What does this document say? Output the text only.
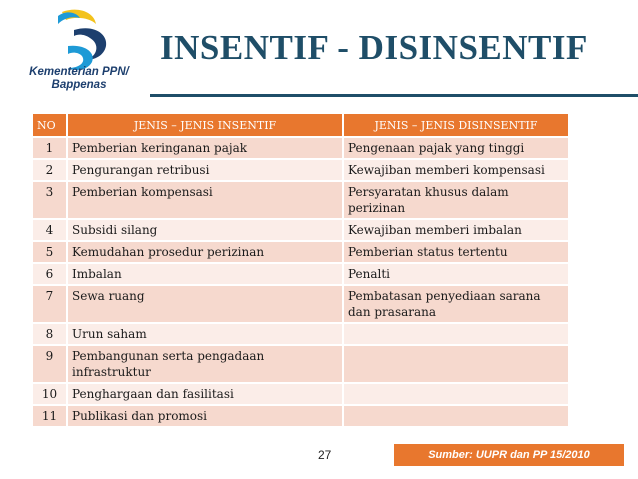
Kementerian PPN/
Bappenas
INSENTIF - DISINSENTIF
NO	JENIS – JENIS INSENTIF	JENIS – JENIS DISINSENTIF
1	Pemberian keringanan pajak	Pengenaan pajak yang tinggi
2	Pengurangan retribusi	Kewajiban memberi kompensasi
3	Pemberian kompensasi	Persyaratan khusus dalam perizinan
4	Subsidi silang	Kewajiban memberi imbalan
5	Kemudahan prosedur perizinan	Pemberian status tertentu
6	Imbalan	Penalti
7	Sewa ruang	Pembatasan penyediaan sarana dan prasarana
8	Urun saham	
9	Pembangunan serta pengadaan infrastruktur	
10	Penghargaan dan fasilitasi	
11	Publikasi dan promosi	
27	Sumber: UUPR dan PP 15/2010
